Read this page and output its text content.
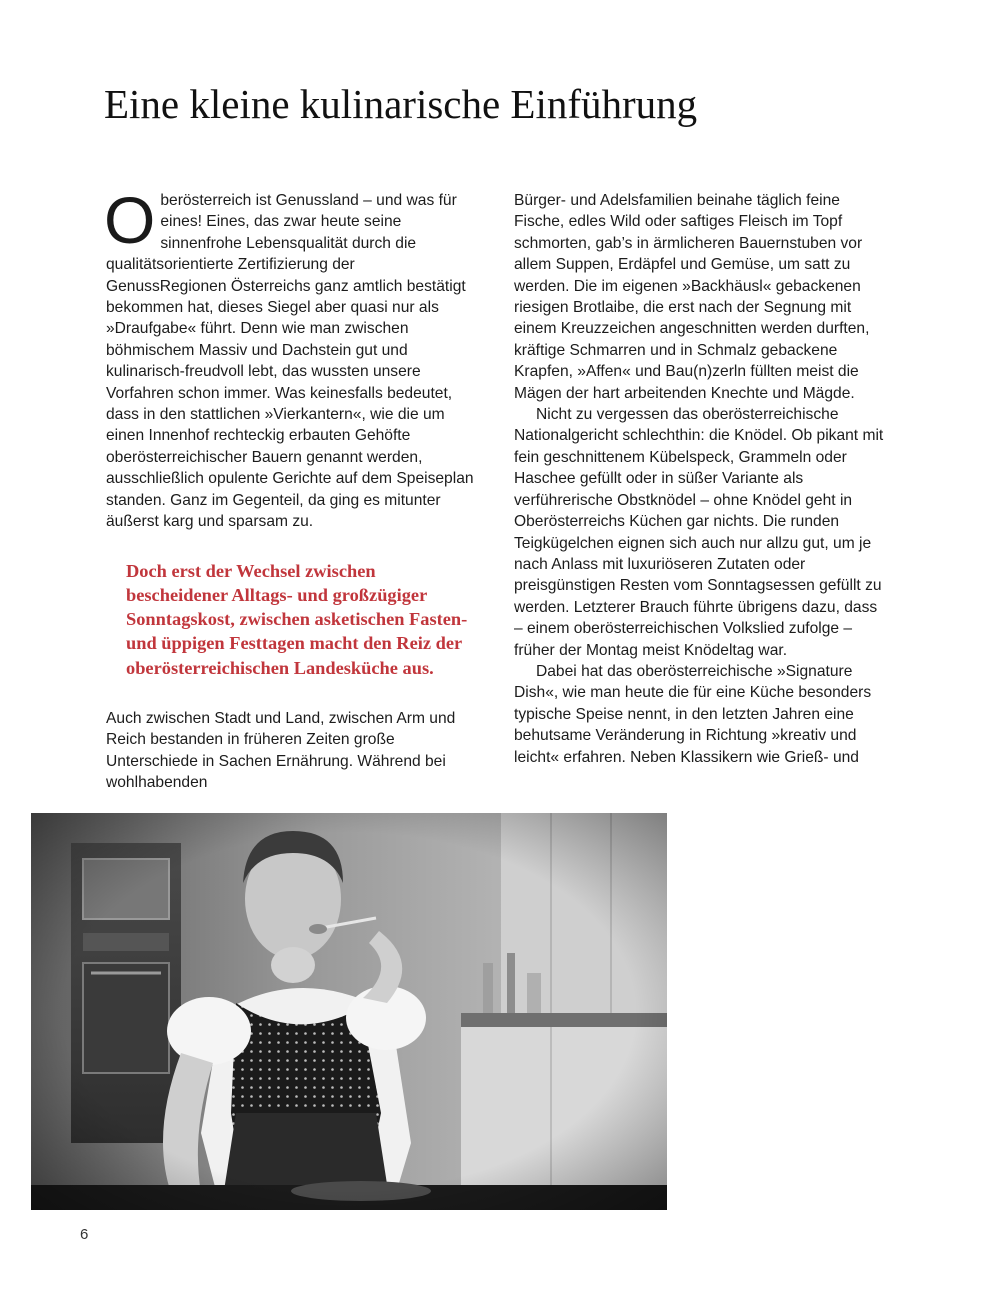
Eine kleine kulinarische Einführung

Oberösterreich ist Genussland – und was für eines! Eines, das zwar heute seine sinnenfrohe Lebensqualität durch die qualitätsorientierte Zertifizierung der GenussRegionen Österreichs ganz amtlich bestätigt bekommen hat, dieses Siegel aber quasi nur als »Draufgabe« führt. Denn wie man zwischen böhmischem Massiv und Dachstein gut und kulinarisch-freudvoll lebt, das wussten unsere Vorfahren schon immer. Was keinesfalls bedeutet, dass in den stattlichen »Vierkantern«, wie die um einen Innenhof rechteckig erbauten Gehöfte oberösterreichischer Bauern genannt werden, ausschließlich opulente Gerichte auf dem Speiseplan standen. Ganz im Gegenteil, da ging es mitunter äußerst karg und sparsam zu.

Doch erst der Wechsel zwischen bescheidener Alltags- und großzügiger Sonntagskost, zwischen asketischen Fasten- und üppigen Festtagen macht den Reiz der oberösterreichischen Landesküche aus.

Auch zwischen Stadt und Land, zwischen Arm und Reich bestanden in früheren Zeiten große Unterschiede in Sachen Ernährung. Während bei wohlhabenden

Bürger- und Adelsfamilien beinahe täglich feine Fische, edles Wild oder saftiges Fleisch im Topf schmorten, gab’s in ärmlicheren Bauernstuben vor allem Suppen, Erdäpfel und Gemüse, um satt zu werden. Die im eigenen »Backhäusl« gebackenen riesigen Brotlaibe, die erst nach der Segnung mit einem Kreuzzeichen angeschnitten werden durften, kräftige Schmarren und in Schmalz gebackene Krapfen, »Affen« und Bau(n)zerln füllten meist die Mägen der hart arbeitenden Knechte und Mägde.

Nicht zu vergessen das oberösterreichische Nationalgericht schlechthin: die Knödel. Ob pikant mit fein geschnittenem Kübelspeck, Grammeln oder Haschee gefüllt oder in süßer Variante als verführerische Obstknödel – ohne Knödel geht in Oberösterreichs Küchen gar nichts. Die runden Teigkügelchen eignen sich auch nur allzu gut, um je nach Anlass mit luxuriöseren Zutaten oder preisgünstigen Resten vom Sonntagsessen gefüllt zu werden. Letzterer Brauch führte übrigens dazu, dass – einem oberösterreichischen Volkslied zufolge – früher der Montag meist Knödeltag war.

Dabei hat das oberösterreichische »Signature Dish«, wie man heute die für eine Küche besonders typische Speise nennt, in den letzten Jahren eine behutsame Veränderung in Richtung »kreativ und leicht« erfahren. Neben Klassikern wie Grieß- und

6
